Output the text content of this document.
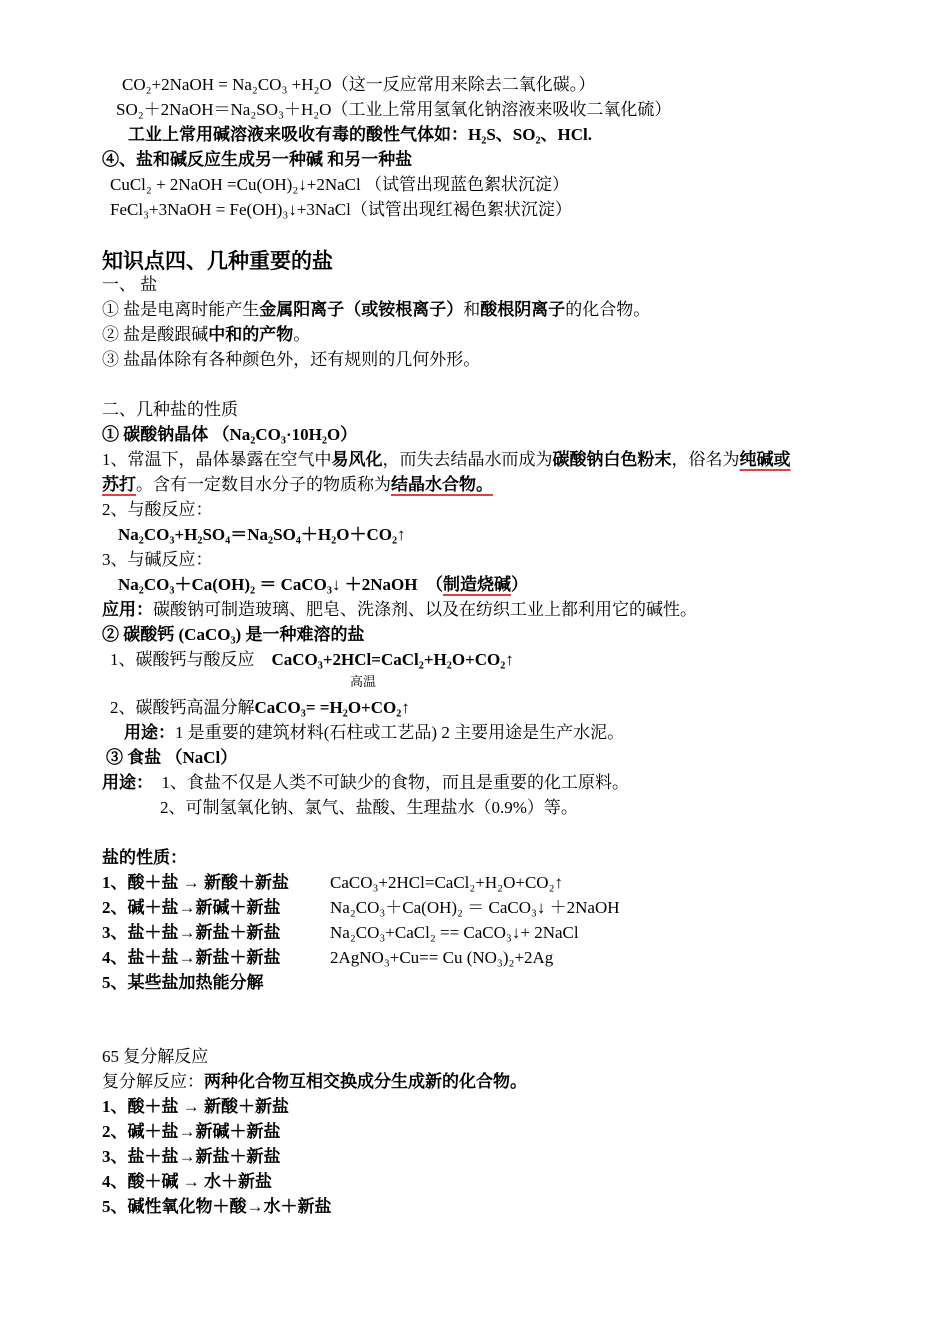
CO₂+2NaOH = Na₂CO₃ +H₂O（这一反应常用来除去二氧化碳。）
SO₂＋2NaOH＝Na₂SO₃＋H₂O（工业上常用氢氧化钠溶液来吸收二氧化硫）
工业上常用碱溶液来吸收有毒的酸性气体如：H₂S、SO₂、HCl.
④、盐和碱反应生成另一种碱 和另一种盐
CuCl₂ + 2NaOH =Cu(OH)₂↓+2NaCl （试管出现蓝色絮状沉淀）
FeCl₃+3NaOH = Fe(OH)₃↓+3NaCl（试管出现红褐色絮状沉淀）
知识点四、几种重要的盐
一、 盐
① 盐是电离时能产生金属阳离子（或铵根离子）和酸根阴离子的化合物。
② 盐是酸跟碱中和的产物。
③ 盐晶体除有各种颜色外，还有规则的几何外形。
二、几种盐的性质
① 碳酸钠晶体 （Na₂CO₃·10H₂O）
1、常温下，晶体暴露在空气中易风化，而失去结晶水而成为碳酸钠白色粉末，俗名为纯碱或
苏打。含有一定数目水分子的物质称为结晶水合物。
2、与酸反应：
Na₂CO₃+H₂SO₄＝Na₂SO₄＋H₂O＋CO₂↑
3、与碱反应：
Na₂CO₃＋Ca(OH)₂ ＝ CaCO₃↓ ＋2NaOH （制造烧碱）
应用：碳酸钠可制造玻璃、肥皂、洗涤剂、以及在纺织工业上都利用它的碱性。
② 碳酸钙 (CaCO₃) 是一种难溶的盐
1、碳酸钙与酸反应 CaCO₃+2HCl=CaCl₂+H₂O+CO₂↑
高温
2、碳酸钙高温分解CaCO₃= =H₂O+CO₂↑
用途：1 是重要的建筑材料(石柱或工艺品) 2 主要用途是生产水泥。
③ 食盐 （NaCl）
用途： 1、食盐不仅是人类不可缺少的食物，而且是重要的化工原料。
2、可制氢氧化钠、氯气、盐酸、生理盐水（0.9%）等。
盐的性质：
1、酸＋盐 → 新酸＋新盐 CaCO₃+2HCl=CaCl₂+H₂O+CO₂↑
2、碱＋盐→新碱＋新盐	Na₂CO₃＋Ca(OH)₂ ＝ CaCO₃↓ ＋2NaOH
3、盐＋盐→新盐＋新盐	Na₂CO₃+CaCl₂ == CaCO₃↓+ 2NaCl
4、盐＋盐→新盐＋新盐	2AgNO₃+Cu== Cu (NO₃)₂+2Ag
5、某些盐加热能分解
65 复分解反应
复分解反应：两种化合物互相交换成分生成新的化合物。
1、酸＋盐 → 新酸＋新盐
2、碱＋盐→新碱＋新盐
3、盐＋盐→新盐＋新盐
4、酸＋碱 → 水＋新盐
5、碱性氧化物＋酸→水＋新盐
